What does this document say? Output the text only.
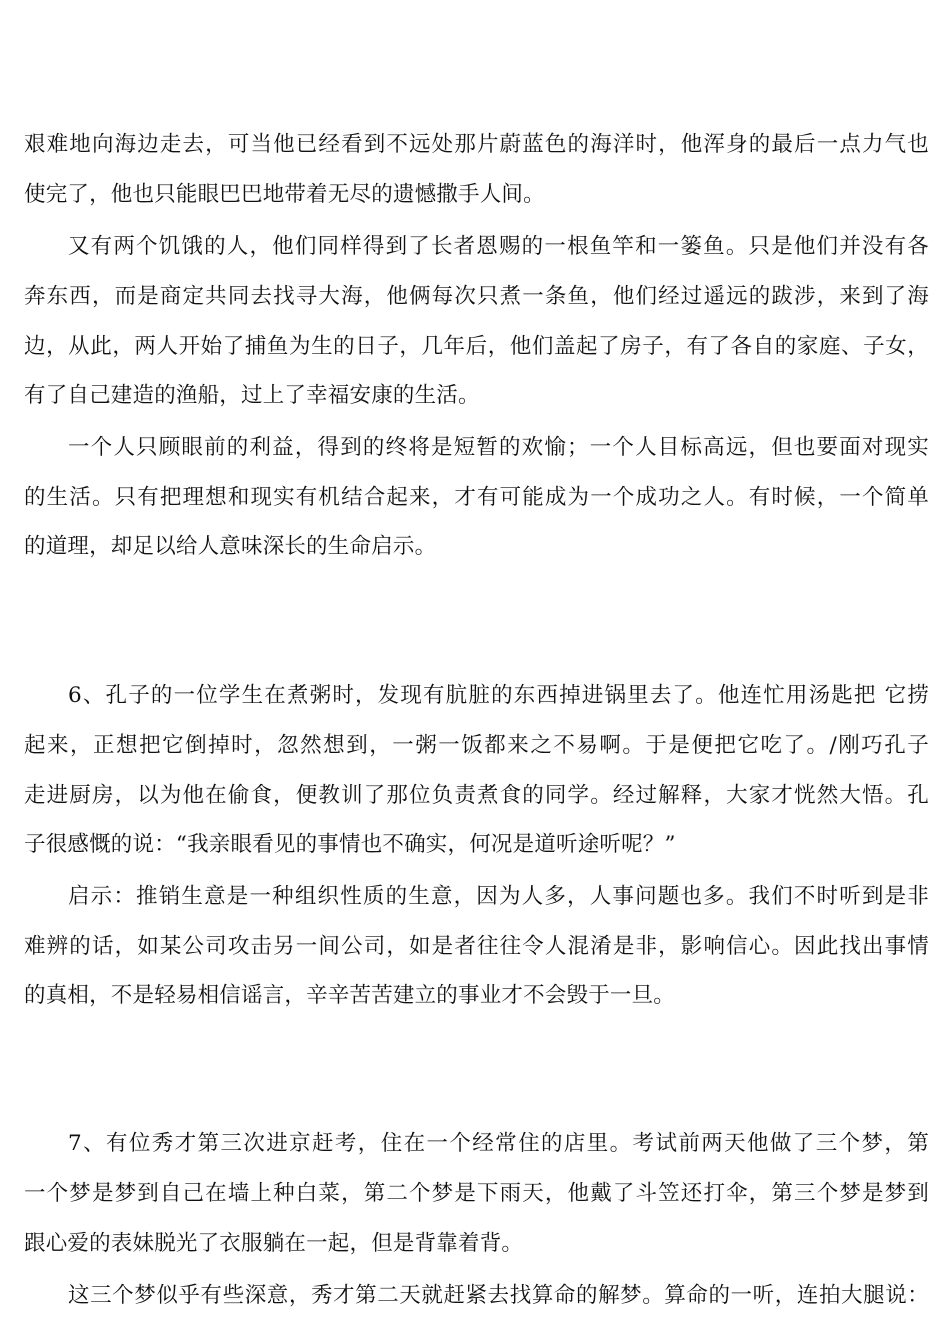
艰难地向海边走去，可当他已经看到不远处那片蔚蓝色的海洋时，他浑身的最后一点力气也
使完了，他也只能眼巴巴地带着无尽的遗憾撒手人间。
又有两个饥饿的人，他们同样得到了长者恩赐的一根鱼竿和一篓鱼。只是他们并没有各
奔东西，而是商定共同去找寻大海，他俩每次只煮一条鱼，他们经过遥远的跋涉，来到了海
边，从此，两人开始了捕鱼为生的日子，几年后，他们盖起了房子，有了各自的家庭、子女，
有了自己建造的渔船，过上了幸福安康的生活。
一个人只顾眼前的利益，得到的终将是短暂的欢愉；一个人目标高远，但也要面对现实
的生活。只有把理想和现实有机结合起来，才有可能成为一个成功之人。有时候，一个简单
的道理，却足以给人意味深长的生命启示。
6、孔子的一位学生在煮粥时，发现有肮脏的东西掉进锅里去了。他连忙用汤匙把 它捞
起来，正想把它倒掉时，忽然想到，一粥一饭都来之不易啊。于是便把它吃了。/刚巧孔子
走进厨房，以为他在偷食，便教训了那位负责煮食的同学。经过解释，大家才恍然大悟。孔
子很感慨的说：“我亲眼看见的事情也不确实，何况是道听途听呢？”
启示：推销生意是一种组织性质的生意，因为人多，人事问题也多。我们不时听到是非
难辨的话，如某公司攻击另一间公司，如是者往往令人混淆是非，影响信心。因此找出事情
的真相，不是轻易相信谣言，辛辛苦苦建立的事业才不会毁于一旦。
7、有位秀才第三次进京赶考，住在一个经常住的店里。考试前两天他做了三个梦，第
一个梦是梦到自己在墙上种白菜，第二个梦是下雨天，他戴了斗笠还打伞，第三个梦是梦到
跟心爱的表妹脱光了衣服躺在一起，但是背靠着背。
这三个梦似乎有些深意，秀才第二天就赶紧去找算命的解梦。算命的一听，连拍大腿说：
